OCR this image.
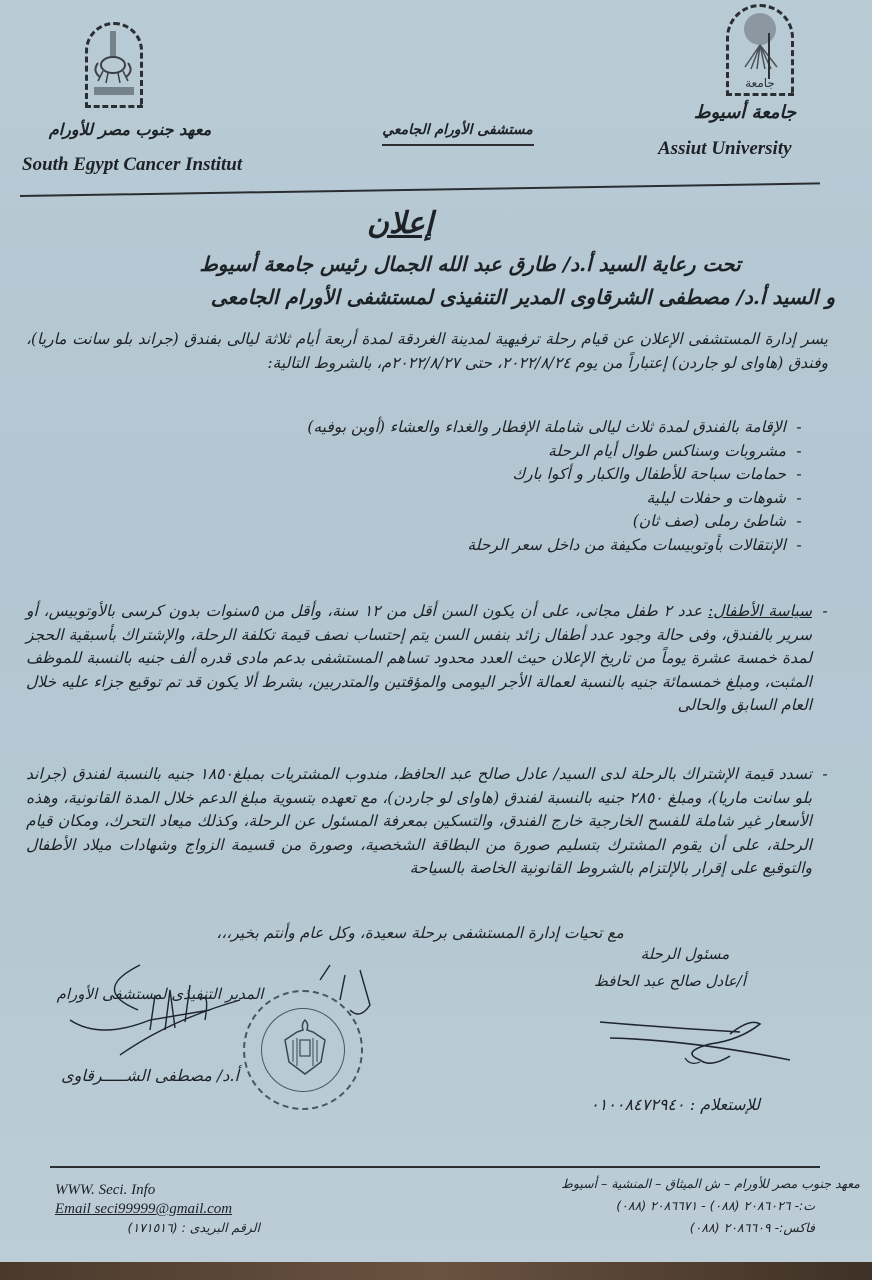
معهد جنوب مصر للأورام
South Egypt Cancer Institut
مستشفى الأورام الجامعي
جامعة
جامعة أسيوط
Assiut University
إعلان
تحت رعاية السيد أ.د/ طارق عبد الله الجمال رئيس جامعة أسيوط
و السيد أ.د/ مصطفى الشرقاوى المدير التنفيذى لمستشفى الأورام الجامعى
يسر إدارة المستشفى الإعلان عن قيام رحلة ترفيهية لمدينة الغردقة لمدة أربعة أيام ثلاثة ليالى بفندق (جراند بلو سانت ماريا)، وفندق (هاواى لو جاردن) إعتباراً من يوم ٢٠٢٢/٨/٢٤، حتى ٢٠٢٢/٨/٢٧م، بالشروط التالية:
- الإقامة بالفندق لمدة ثلاث ليالى شاملة الإفطار والغداء والعشاء (أوبن بوفيه)
- مشروبات وسناكس طوال أيام الرحلة
- حمامات سباحة للأطفال والكبار و أكوا بارك
- شوهات و حفلات ليلية
- شاطئ رملى (صف ثان)
- الإنتقالات بأوتوبيسات مكيفة من داخل سعر الرحلة
-
سياسة الأطفال: عدد ٢ طفل مجانى، على أن يكون السن أقل من ١٢ سنة، وأقل من ٥سنوات بدون كرسى بالأوتوبيس، أو سرير بالفندق، وفى حالة وجود عدد أطفال زائد بنفس السن يتم إحتساب نصف قيمة تكلفة الرحلة، والإشتراك بأسبقية الحجز لمدة خمسة عشرة يوماً من تاريخ الإعلان حيث العدد محدود تساهم المستشفى بدعم مادى قدره ألف جنيه بالنسبة للموظف المثبت، ومبلغ خمسمائة جنيه بالنسبة لعمالة الأجر اليومى والمؤقتين والمتدربين، بشرط ألا يكون قد تم توقيع جزاء عليه خلال العام السابق والحالى
-
تسدد قيمة الإشتراك بالرحلة لدى السيد/ عادل صالح عبد الحافظ، مندوب المشتريات بمبلغ١٨٥٠ جنيه بالنسبة لفندق (جراند بلو سانت ماريا)، ومبلغ ٢٨٥٠ جنيه بالنسبة لفندق (هاواى لو جاردن)، مع تعهده بتسوية مبلغ الدعم خلال المدة القانونية، وهذه الأسعار غير شاملة للفسح الخارجية خارج الفندق، والتسكين بمعرفة المسئول عن الرحلة، وكذلك ميعاد التحرك، ومكان قيام الرحلة، على أن يقوم المشترك بتسليم صورة من البطاقة الشخصية، وصورة من قسيمة الزواج وشهادات ميلاد الأطفال والتوقيع على إقرار بالإلتزام بالشروط القانونية الخاصة بالسياحة
مع تحيات إدارة المستشفى برحلة سعيدة، وكل عام وأنتم بخير،،،
مسئول الرحلة
أ/عادل صالح عبد الحافظ
المدير التنفيذى لمستشفى الأورام
أ.د/ مصطفى الشـــــرقاوى
للإستعلام : ٠١٠٠٨٤٧٢٩٤٠
WWW. Seci. Info
Email seci99999@gmail.com
الرقم البريدى : (١٧١٥١٦)
معهد جنوب مصر للأورام – ش الميثاق – المنشية – أسيوط
ت:- ٢٠٨٦٠٢٦ (٠٨٨) - ٢٠٨٦٦٧١ (٠٨٨)
فاكس:- ٢٠٨٦٦٠٩ (٠٨٨)
